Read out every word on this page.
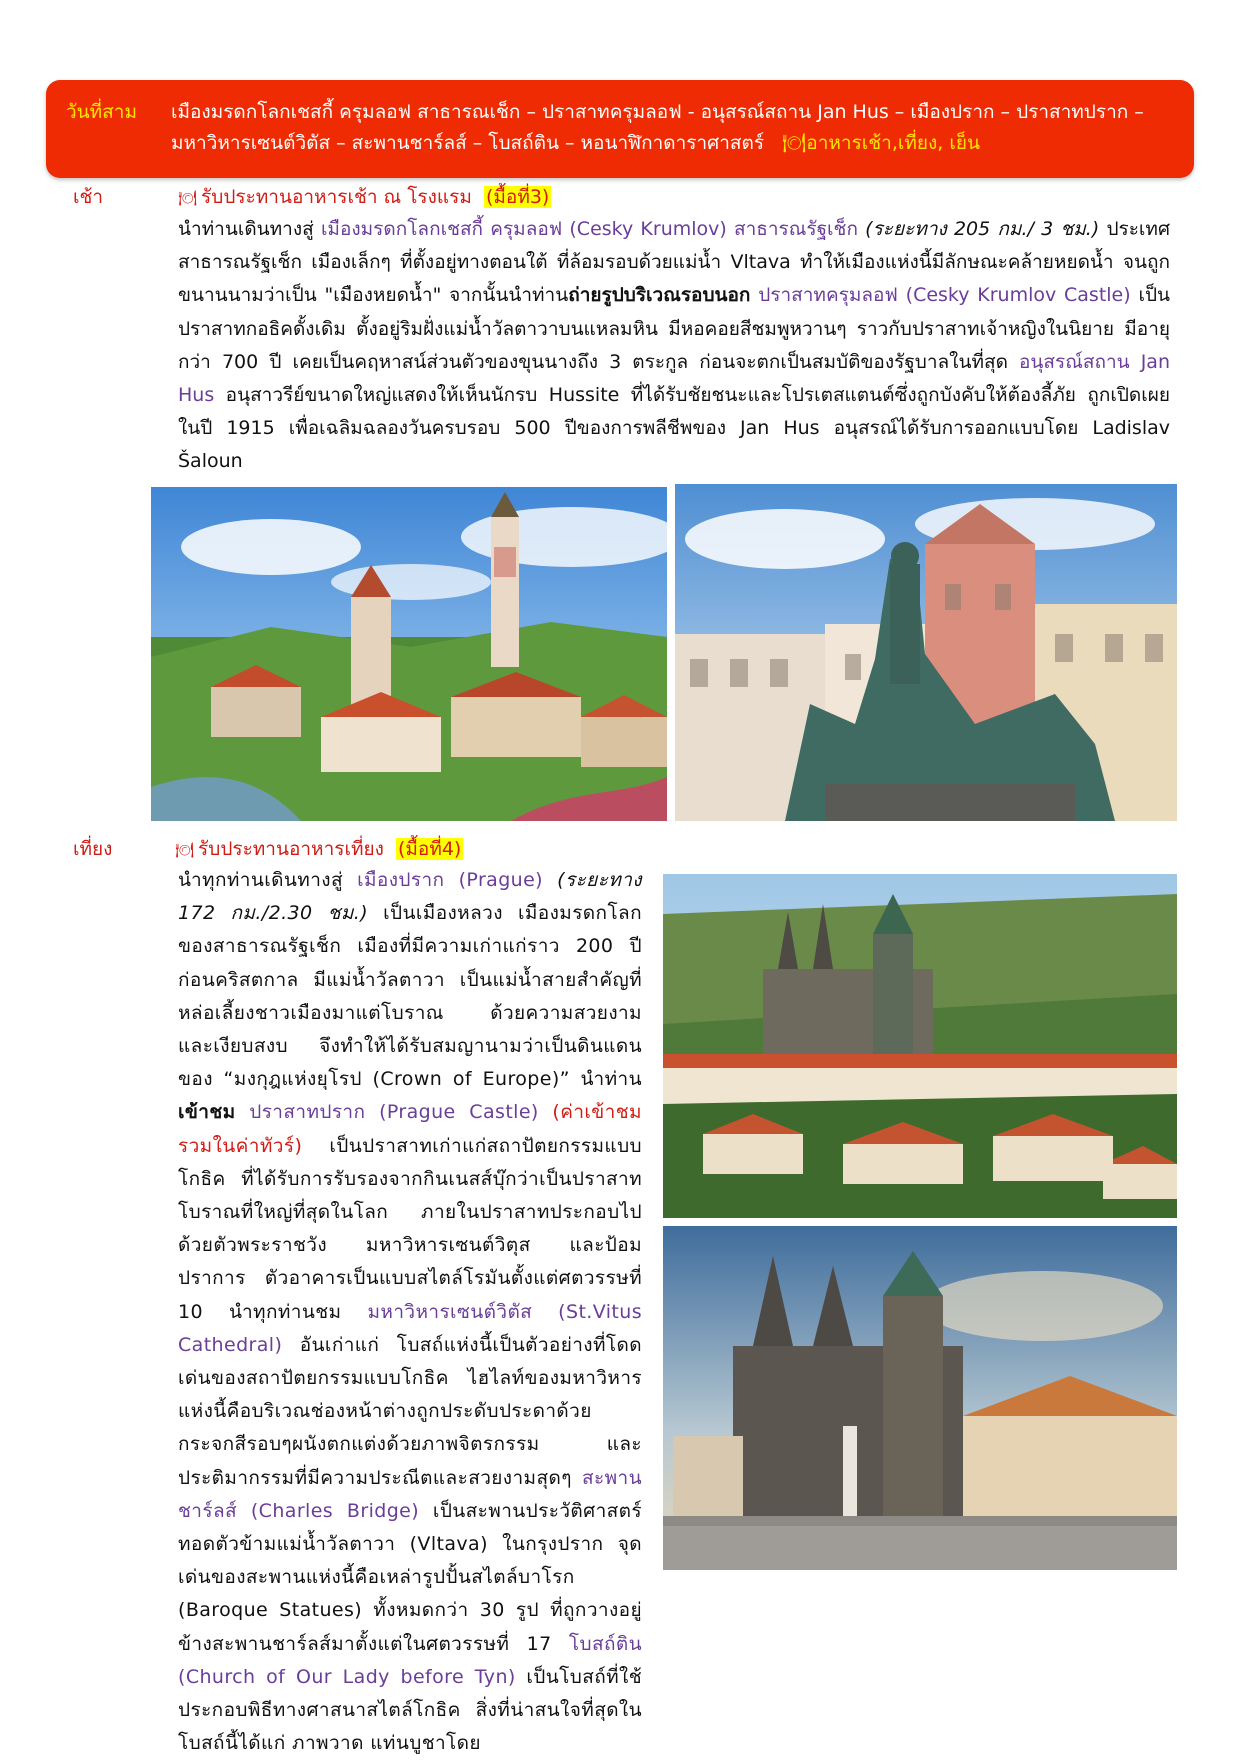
วันที่สาม เมืองมรดกโลกเชสกี้ ครุมลอฟ สาธารณเช็ก – ปราสาทครุมลอฟ - อนุสรณ์สถาน Jan Hus – เมืองปราก – ปราสาทปราก – มหาวิหารเซนต์วิตัส – สะพานชาร์ลส์ – โบสถ์ติน – หอนาฬิกาดาราศาสตร์ 🍽อาหารเช้า,เที่ยง, เย็น
เช้า	🍽 รับประทานอาหารเช้า ณ โรงแรม (มื้อที่3)
นำท่านเดินทางสู่ เมืองมรดกโลกเชสกี้ ครุมลอฟ (Cesky Krumlov) สาธารณรัฐเช็ก (ระยะทาง 205 กม./ 3 ชม.) ประเทศสาธารณรัฐเช็ก เมืองเล็กๆ ที่ตั้งอยู่ทางตอนใต้ ที่ล้อมรอบด้วยแม่น้ำ Vltava ทำให้เมืองแห่งนี้มีลักษณะคล้ายหยดน้ำ จนถูกขนานนามว่าเป็น "เมืองหยดน้ำ" จากนั้นนำท่านถ่ายรูปบริเวณรอบนอก ปราสาทครุมลอฟ (Cesky Krumlov Castle) เป็นปราสาทกอธิคดั้งเดิม ตั้งอยู่ริมฝั่งแม่น้ำวัลตาวาบนแหลมหิน มีหอคอยสีชมพูหวานๆ ราวกับปราสาทเจ้าหญิงในนิยาย มีอายุกว่า 700 ปี เคยเป็นคฤหาสน์ส่วนตัวของขุนนางถึง 3 ตระกูล ก่อนจะตกเป็นสมบัติของรัฐบาลในที่สุด อนุสรณ์สถาน Jan Hus อนุสาวรีย์ขนาดใหญ่แสดงให้เห็นนักรบ Hussite ที่ได้รับชัยชนะและโปรเตสแตนต์ซึ่งถูกบังคับให้ต้องลี้ภัย ถูกเปิดเผยในปี 1915 เพื่อเฉลิมฉลองวันครบรอบ 500 ปีของการพลีชีพของ Jan Hus อนุสรณ์ได้รับการออกแบบโดย Ladislav Šaloun
เที่ยง	🍽 รับประทานอาหารเที่ยง (มื้อที่4)
นำทุกท่านเดินทางสู่ เมืองปราก (Prague) (ระยะทาง 172 กม./2.30 ชม.) เป็นเมืองหลวง เมืองมรดกโลกของสาธารณรัฐเช็ก เมืองที่มีความเก่าแก่ราว 200 ปีก่อนคริสตกาล มีแม่น้ำวัลตาวา เป็นแม่น้ำสายสำคัญที่หล่อเลี้ยงชาวเมืองมาแต่โบราณ ด้วยความสวยงาม และเงียบสงบ จึงทำให้ได้รับสมญานามว่าเป็นดินแดนของ “มงกุฎแห่งยุโรป (Crown of Europe)” นำท่านเข้าชม ปราสาทปราก (Prague Castle) (ค่าเข้าชม รวมในค่าทัวร์) เป็นปราสาทเก่าแก่สถาปัตยกรรมแบบโกธิค ที่ได้รับการรับรองจากกินเนสส์บุ๊กว่าเป็นปราสาทโบราณที่ใหญ่ที่สุดในโลก ภายในปราสาทประกอบไปด้วยตัวพระราชวัง มหาวิหารเซนต์วิตุส และป้อมปราการ ตัวอาคารเป็นแบบสไตล์โรมันตั้งแต่ศตวรรษที่ 10 นำทุกท่านชม มหาวิหารเซนต์วิตัส (St.Vitus Cathedral) อันเก่าแก่ โบสถ์แห่งนี้เป็นตัวอย่างที่โดดเด่นของสถาปัตยกรรมแบบโกธิค ไฮไลท์ของมหาวิหารแห่งนี้คือบริเวณช่องหน้าต่างถูกประดับประดาด้วยกระจกสีรอบๆผนังตกแต่งด้วยภาพจิตรกรรม และประติมากรรมที่มีความประณีตและสวยงามสุดๆ สะพานชาร์ลส์ (Charles Bridge) เป็นสะพานประวัติศาสตร์ทอดตัวข้ามแม่น้ำวัลตาวา (Vltava) ในกรุงปราก จุดเด่นของสะพานแห่งนี้คือเหล่ารูปปั้นสไตล์บาโรก (Baroque Statues) ทั้งหมดกว่า 30 รูป ที่ถูกวางอยู่ข้างสะพานชาร์ลส์มาตั้งแต่ในศตวรรษที่ 17 โบสถ์ติน (Church of Our Lady before Tyn) เป็นโบสถ์ที่ใช้ประกอบพิธีทางศาสนาสไตล์โกธิค สิ่งที่น่าสนใจที่สุดในโบสถ์นี้ได้แก่ ภาพวาด แท่นบูชาโดย
